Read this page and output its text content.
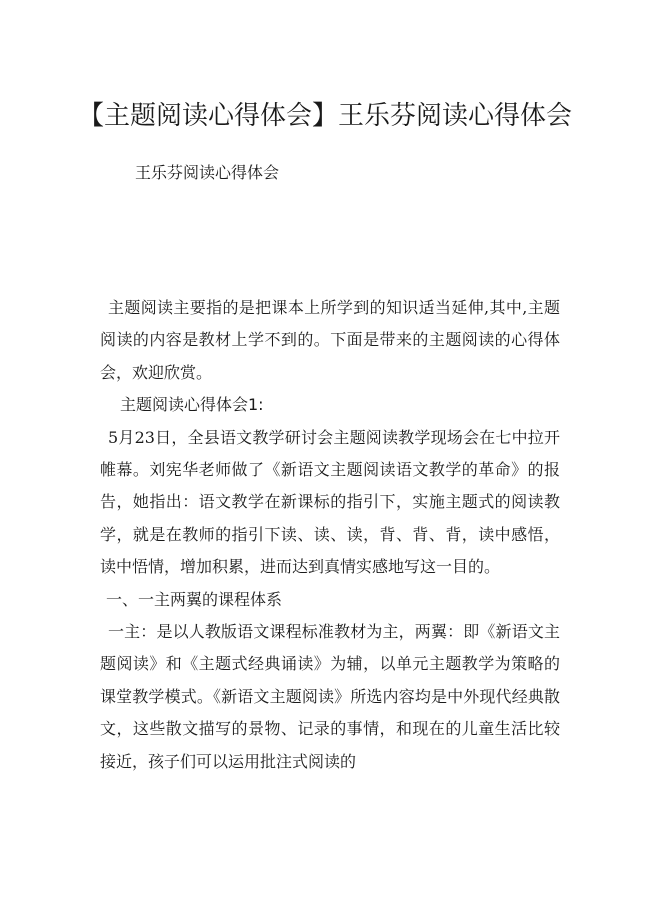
【主题阅读心得体会】王乐芬阅读心得体会
王乐芬阅读心得体会

主题阅读主要指的是把课本上所学到的知识适当延伸,其中,主题阅读的内容是教材上学不到的。下面是带来的主题阅读的心得体会，欢迎欣赏。

主题阅读心得体会1:

5月23日，全县语文教学研讨会主题阅读教学现场会在七中拉开帷幕。刘宪华老师做了《新语文主题阅读语文教学的革命》的报告，她指出：语文教学在新课标的指引下，实施主题式的阅读教学，就是在教师的指引下读、读、读，背、背、背，读中感悟，读中悟情，增加积累，进而达到真情实感地写这一目的。

一、一主两翼的课程体系

一主：是以人教版语文课程标准教材为主，两翼：即《新语文主题阅读》和《主题式经典诵读》为辅，以单元主题教学为策略的课堂教学模式。《新语文主题阅读》所选内容均是中外现代经典散文，这些散文描写的景物、记录的事情，和现在的儿童生活比较接近，孩子们可以运用批注式阅读的
